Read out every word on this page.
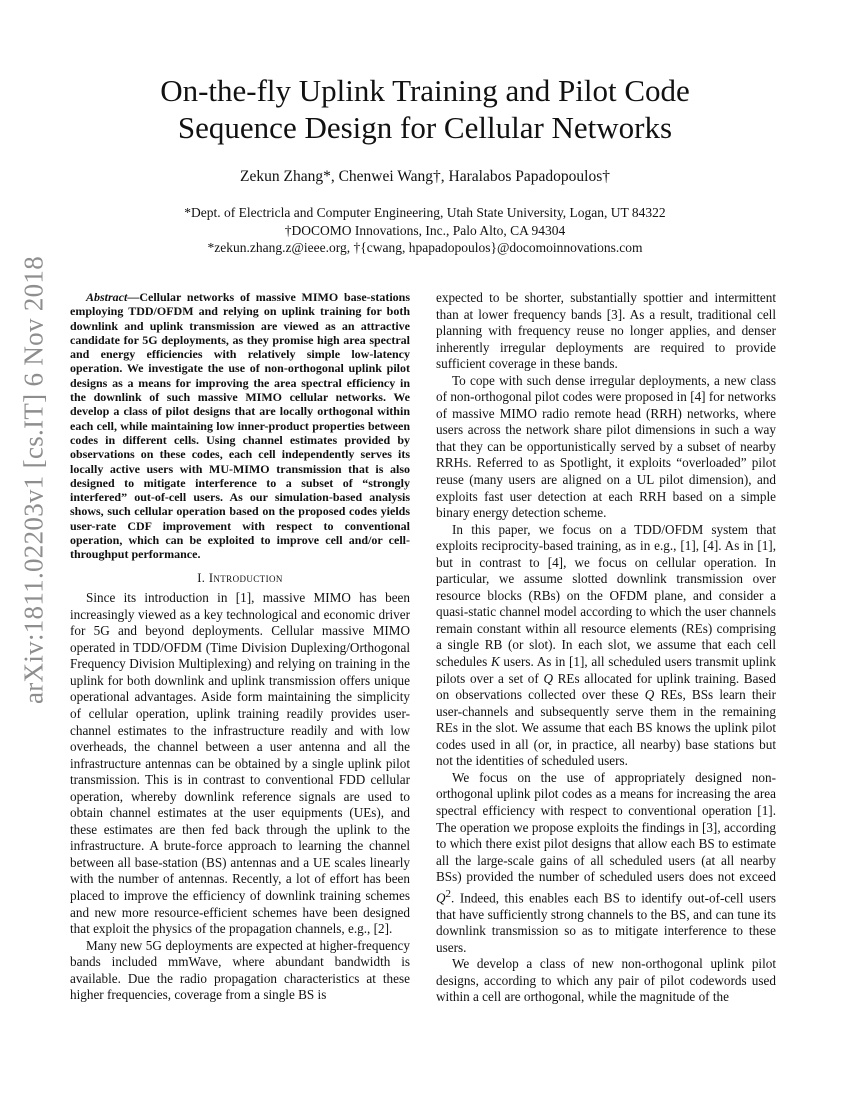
arXiv:1811.02203v1 [cs.IT] 6 Nov 2018
On-the-fly Uplink Training and Pilot Code
Sequence Design for Cellular Networks
Zekun Zhang*, Chenwei Wang†, Haralabos Papadopoulos†
*Dept. of Electricla and Computer Engineering, Utah State University, Logan, UT 84322
†DOCOMO Innovations, Inc., Palo Alto, CA 94304
*zekun.zhang.z@ieee.org, †{cwang, hpapadopoulos}@docomoinnovations.com

Abstract—Cellular networks of massive MIMO base-stations employing TDD/OFDM and relying on uplink training for both downlink and uplink transmission are viewed as an attractive candidate for 5G deployments, as they promise high area spectral and energy efficiencies with relatively simple low-latency operation. We investigate the use of non-orthogonal uplink pilot designs as a means for improving the area spectral efficiency in the downlink of such massive MIMO cellular networks. We develop a class of pilot designs that are locally orthogonal within each cell, while maintaining low inner-product properties between codes in different cells. Using channel estimates provided by observations on these codes, each cell independently serves its locally active users with MU-MIMO transmission that is also designed to mitigate interference to a subset of “strongly interfered” out-of-cell users. As our simulation-based analysis shows, such cellular operation based on the proposed codes yields user-rate CDF improvement with respect to conventional operation, which can be exploited to improve cell and/or cell-throughput performance.

I. Introduction

Since its introduction in [1], massive MIMO has been increasingly viewed as a key technological and economic driver for 5G and beyond deployments. Cellular massive MIMO operated in TDD/OFDM (Time Division Duplexing/Orthogonal Frequency Division Multiplexing) and relying on training in the uplink for both downlink and uplink transmission offers unique operational advantages. Aside form maintaining the simplicity of cellular operation, uplink training readily provides user-channel estimates to the infrastructure readily and with low overheads, the channel between a user antenna and all the infrastructure antennas can be obtained by a single uplink pilot transmission. This is in contrast to conventional FDD cellular operation, whereby downlink reference signals are used to obtain channel estimates at the user equipments (UEs), and these estimates are then fed back through the uplink to the infrastructure. A brute-force approach to learning the channel between all base-station (BS) antennas and a UE scales linearly with the number of antennas. Recently, a lot of effort has been placed to improve the efficiency of downlink training schemes and new more resource-efficient schemes have been designed that exploit the physics of the propagation channels, e.g., [2].

Many new 5G deployments are expected at higher-frequency bands included mmWave, where abundant bandwidth is available. Due the radio propagation characteristics at these higher frequencies, coverage from a single BS is

expected to be shorter, substantially spottier and intermittent than at lower frequency bands [3]. As a result, traditional cell planning with frequency reuse no longer applies, and denser inherently irregular deployments are required to provide sufficient coverage in these bands.

To cope with such dense irregular deployments, a new class of non-orthogonal pilot codes were proposed in [4] for networks of massive MIMO radio remote head (RRH) networks, where users across the network share pilot dimensions in such a way that they can be opportunistically served by a subset of nearby RRHs. Referred to as Spotlight, it exploits “overloaded” pilot reuse (many users are aligned on a UL pilot dimension), and exploits fast user detection at each RRH based on a simple binary energy detection scheme.

In this paper, we focus on a TDD/OFDM system that exploits reciprocity-based training, as in e.g., [1], [4]. As in [1], but in contrast to [4], we focus on cellular operation. In particular, we assume slotted downlink transmission over resource blocks (RBs) on the OFDM plane, and consider a quasi-static channel model according to which the user channels remain constant within all resource elements (REs) comprising a single RB (or slot). In each slot, we assume that each cell schedules K users. As in [1], all scheduled users transmit uplink pilots over a set of Q REs allocated for uplink training. Based on observations collected over these Q REs, BSs learn their user-channels and subsequently serve them in the remaining REs in the slot. We assume that each BS knows the uplink pilot codes used in all (or, in practice, all nearby) base stations but not the identities of scheduled users.

We focus on the use of appropriately designed non-orthogonal uplink pilot codes as a means for increasing the area spectral efficiency with respect to conventional operation [1]. The operation we propose exploits the findings in [3], according to which there exist pilot designs that allow each BS to estimate all the large-scale gains of all scheduled users (at all nearby BSs) provided the number of scheduled users does not exceed $Q^2$. Indeed, this enables each BS to identify out-of-cell users that have sufficiently strong channels to the BS, and can tune its downlink transmission so as to mitigate interference to these users.

We develop a class of new non-orthogonal uplink pilot designs, according to which any pair of pilot codewords used within a cell are orthogonal, while the magnitude of the
